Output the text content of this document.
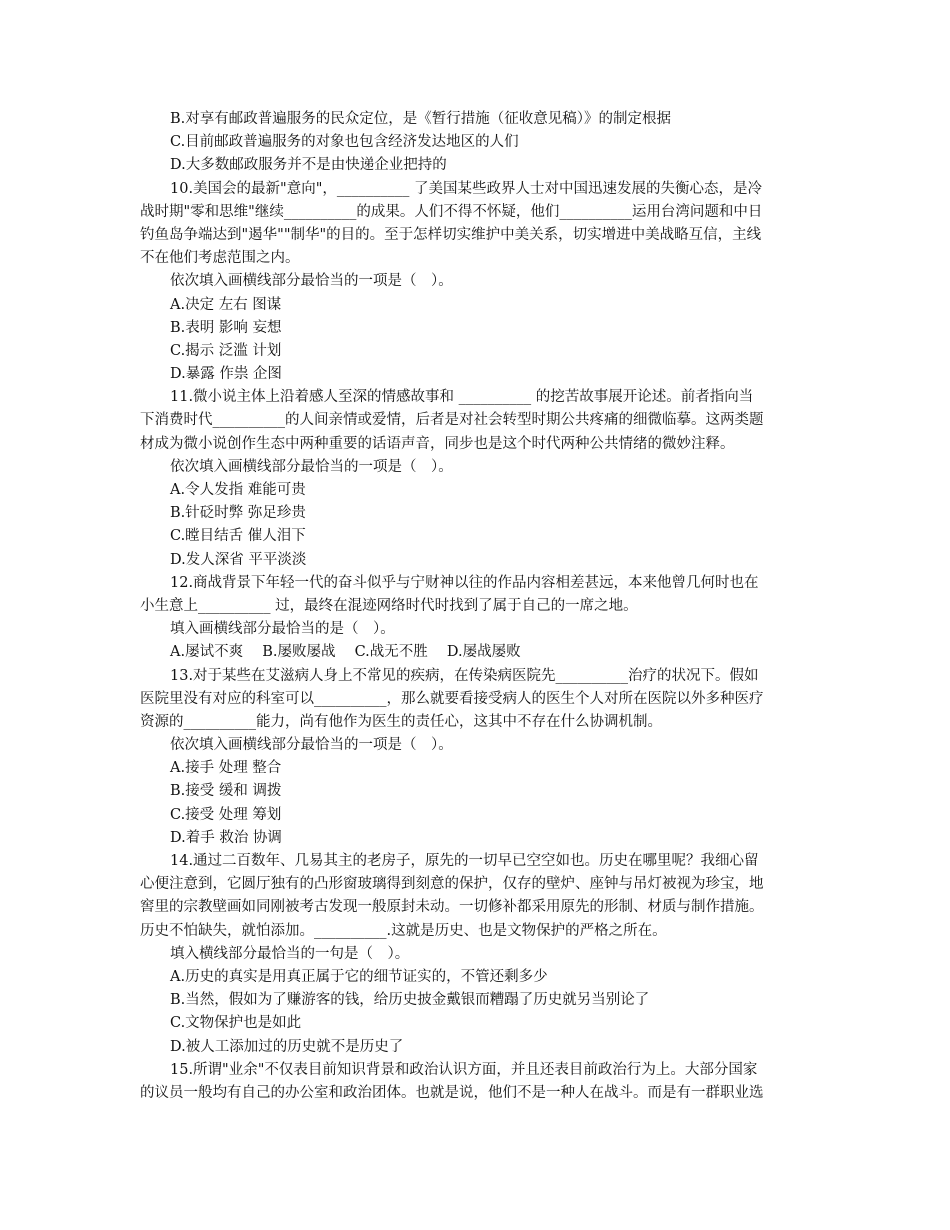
B.对享有邮政普遍服务的民众定位，是《暂行措施（征收意见稿）》的制定根据
C.目前邮政普遍服务的对象也包含经济发达地区的人们
D.大多数邮政服务并不是由快递企业把持的
10.美国会的最新"意向"，__________ 了美国某些政界人士对中国迅速发展的失衡心态，是冷
战时期"零和思维"继续__________的成果。人们不得不怀疑，他们__________运用台湾问题和中日
钓鱼岛争端达到"遏华""制华"的目的。至于怎样切实维护中美关系，切实增进中美战略互信，主线
不在他们考虑范围之内。
依次填入画横线部分最恰当的一项是（　）。
A.决定 左右 图谋
B.表明 影响 妄想
C.揭示 泛滥 计划
D.暴露 作祟 企图
11.微小说主体上沿着感人至深的情感故事和 __________ 的挖苦故事展开论述。前者指向当
下消费时代__________的人间亲情或爱情，后者是对社会转型时期公共疼痛的细微临摹。这两类题
材成为微小说创作生态中两种重要的话语声音，同步也是这个时代两种公共情绪的微妙注释。
依次填入画横线部分最恰当的一项是（　）。
A.令人发指 难能可贵
B.针砭时弊 弥足珍贵
C.瞠目结舌 催人泪下
D.发人深省 平平淡淡
12.商战背景下年轻一代的奋斗似乎与宁财神以往的作品内容相差甚远，本来他曾几何时也在
小生意上__________ 过，最终在混迹网络时代时找到了属于自己的一席之地。
填入画横线部分最恰当的是（　）。
A.屡试不爽　 B.屡败屡战　 C.战无不胜　 D.屡战屡败
13.对于某些在艾滋病人身上不常见的疾病，在传染病医院先__________治疗的状况下。假如
医院里没有对应的科室可以__________，那么就要看接受病人的医生个人对所在医院以外多种医疗
资源的__________能力，尚有他作为医生的责任心，这其中不存在什么协调机制。
依次填入画横线部分最恰当的一项是（　）。
A.接手 处理 整合
B.接受 缓和 调拨
C.接受 处理 筹划
D.着手 救治 协调
14.通过二百数年、几易其主的老房子，原先的一切早已空空如也。历史在哪里呢？我细心留
心便注意到，它圆厅独有的凸形窗玻璃得到刻意的保护，仅存的壁炉、座钟与吊灯被视为珍宝，地
窖里的宗教壁画如同刚被考古发现一般原封未动。一切修补都采用原先的形制、材质与制作措施。
历史不怕缺失，就怕添加。__________.这就是历史、也是文物保护的严格之所在。
填入横线部分最恰当的一句是（　）。
A.历史的真实是用真正属于它的细节证实的，不管还剩多少
B.当然，假如为了赚游客的钱，给历史披金戴银而糟蹋了历史就另当别论了
C.文物保护也是如此
D.被人工添加过的历史就不是历史了
15.所谓"业余"不仅表目前知识背景和政治认识方面，并且还表目前政治行为上。大部分国家
的议员一般均有自己的办公室和政治团体。也就是说，他们不是一种人在战斗。而是有一群职业选
